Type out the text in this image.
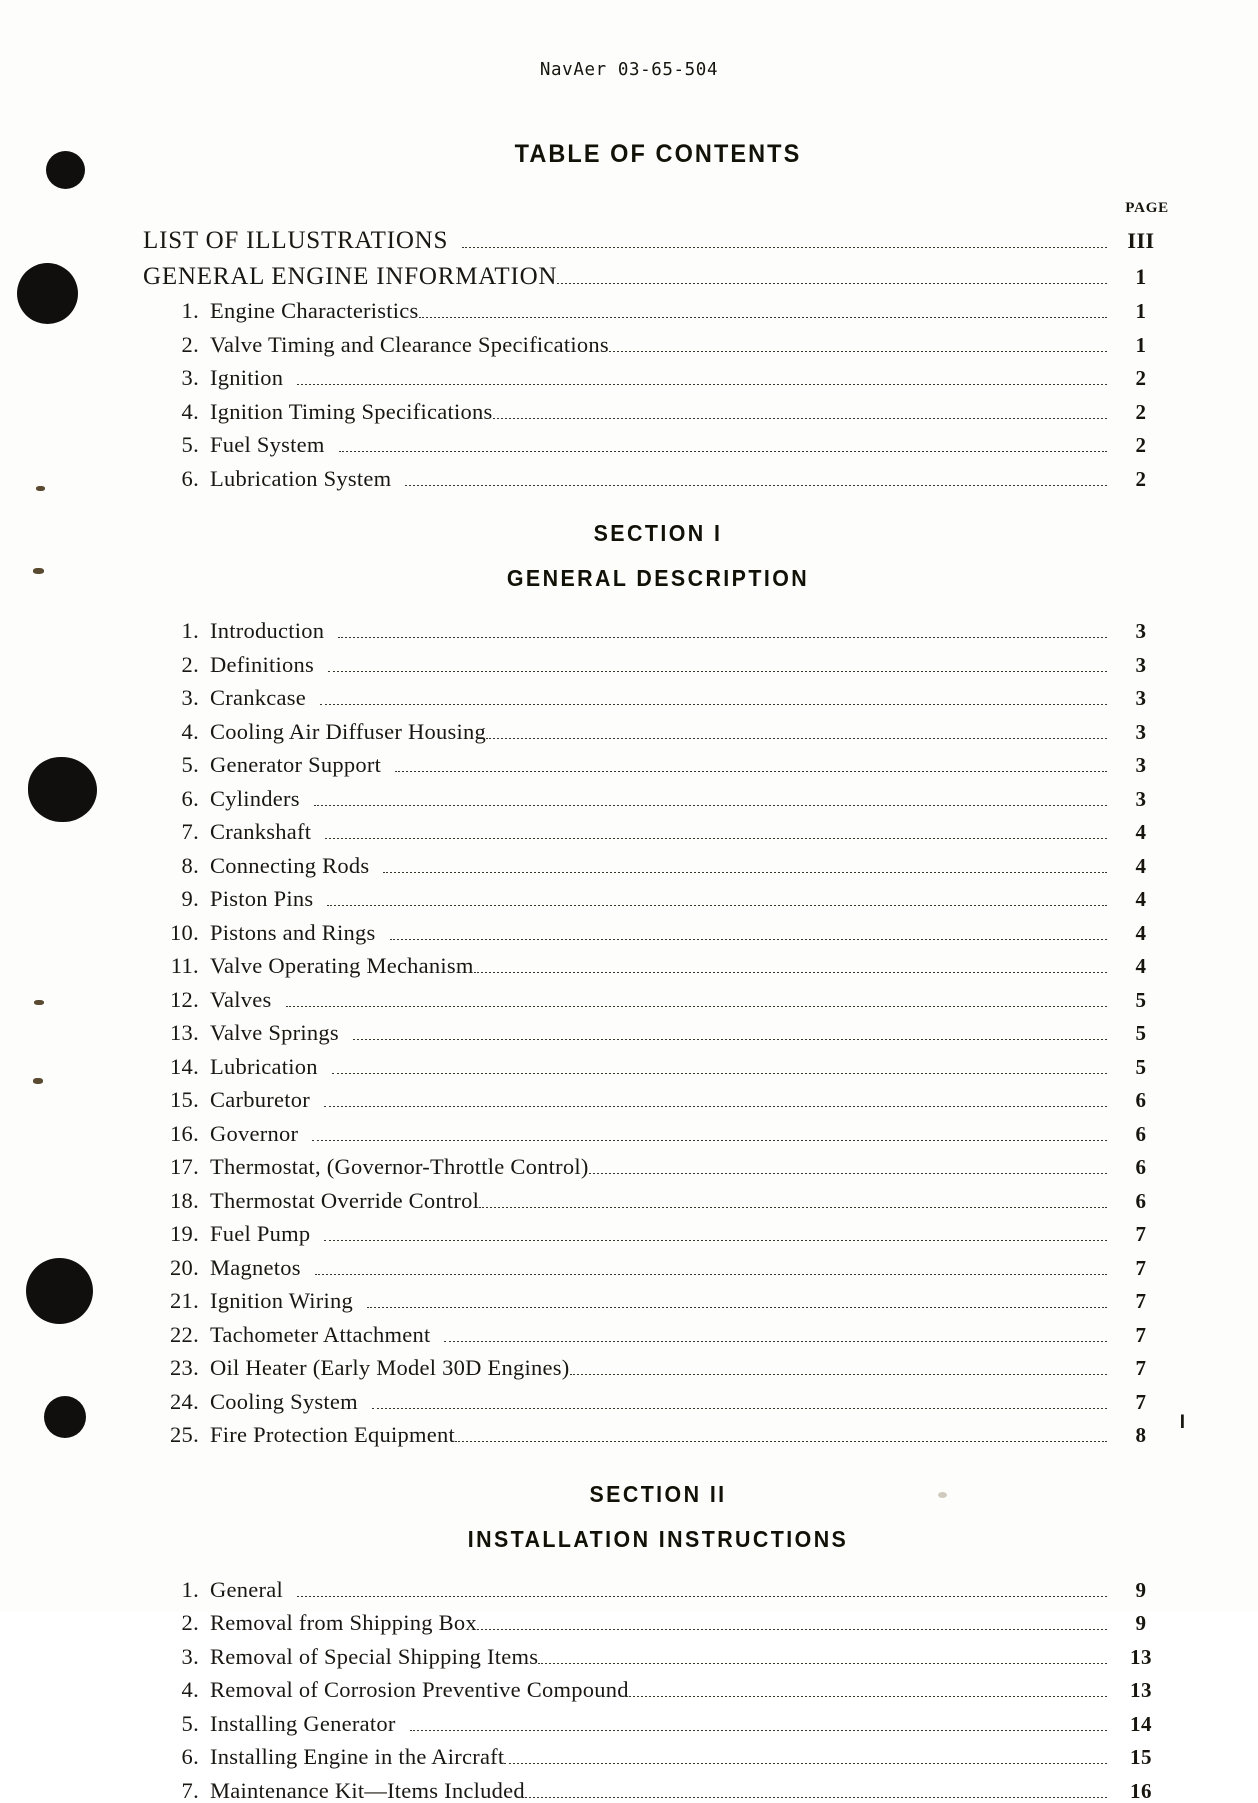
NavAer 03-65-504
TABLE OF CONTENTS
PAGE
LIST OF ILLUSTRATIONS	III
GENERAL ENGINE INFORMATION	1
1. Engine Characteristics	1
2. Valve Timing and Clearance Specifications	1
3. Ignition	2
4. Ignition Timing Specifications	2
5. Fuel System	2
6. Lubrication System	2
SECTION I
GENERAL DESCRIPTION
1. Introduction	3
2. Definitions	3
3. Crankcase	3
4. Cooling Air Diffuser Housing	3
5. Generator Support	3
6. Cylinders	3
7. Crankshaft	4
8. Connecting Rods	4
9. Piston Pins	4
10. Pistons and Rings	4
11. Valve Operating Mechanism	4
12. Valves	5
13. Valve Springs	5
14. Lubrication	5
15. Carburetor	6
16. Governor	6
17. Thermostat, (Governor-Throttle Control)	6
18. Thermostat Override Control	6
19. Fuel Pump	7
20. Magnetos	7
21. Ignition Wiring	7
22. Tachometer Attachment	7
23. Oil Heater (Early Model 30D Engines)	7
24. Cooling System	7
25. Fire Protection Equipment	8
SECTION II
INSTALLATION INSTRUCTIONS
1. General	9
2. Removal from Shipping Box	9
3. Removal of Special Shipping Items	13
4. Removal of Corrosion Preventive Compound	13
5. Installing Generator	14
6. Installing Engine in the Aircraft	15
7. Maintenance Kit—Items Included	16
I
